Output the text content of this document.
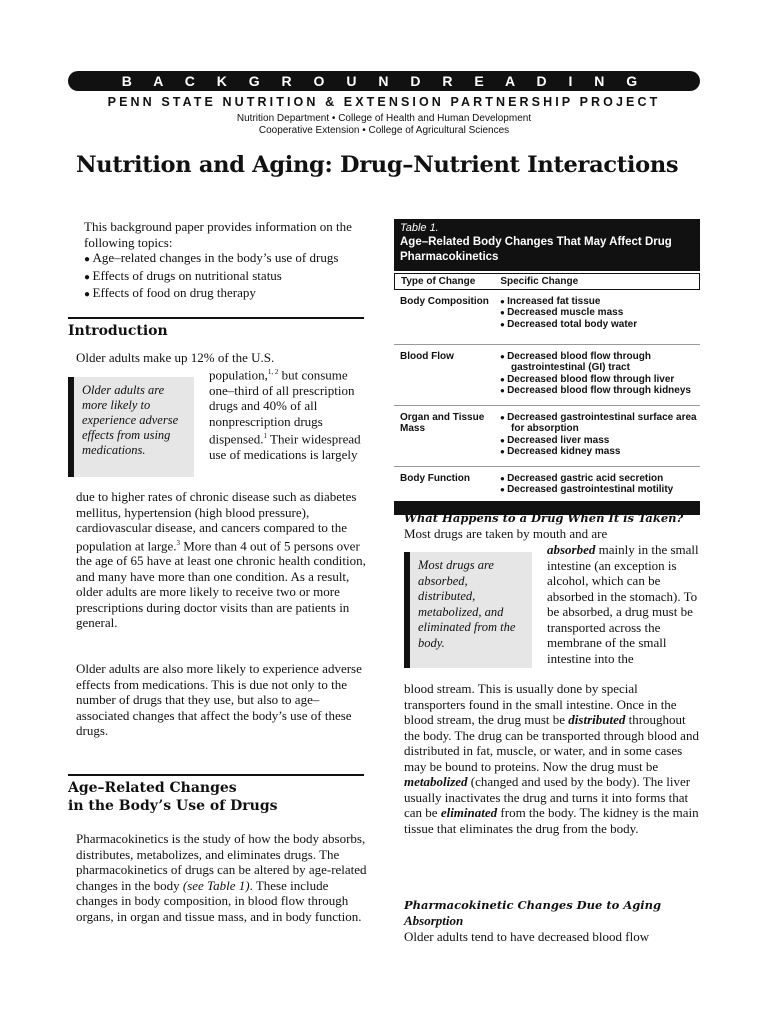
B A C K G R O U N D R E A D I N G
PENN STATE NUTRITION & EXTENSION PARTNERSHIP PROJECT
Nutrition Department • College of Health and Human Development
Cooperative Extension • College of Agricultural Sciences
Nutrition and Aging: Drug–Nutrient Interactions
This background paper provides information on the following topics:
● Age–related changes in the body’s use of drugs
● Effects of drugs on nutritional status
● Effects of food on drug therapy
Introduction
Older adults make up 12% of the U.S.
Older adults are more likely to experience adverse effects from using medications.
population,$^{1, 2}$ but consume one–third of all prescription drugs and 40% of all nonprescription drugs dispensed.$^1$ Their widespread use of medications is largely
due to higher rates of chronic disease such as diabetes mellitus, hypertension (high blood pressure), cardiovascular disease, and cancers compared to the population at large.$^3$ More than 4 out of 5 persons over the age of 65 have at least one chronic health condition, and many have more than one condition. As a result, older adults are more likely to receive two or more prescriptions during doctor visits than are patients in general.
Older adults are also more likely to experience adverse effects from medications. This is due not only to the number of drugs that they use, but also to age–associated changes that affect the body’s use of these drugs.
Age–Related Changes
in the Body’s Use of Drugs
Pharmacokinetics is the study of how the body absorbs, distributes, metabolizes, and eliminates drugs. The pharmacokinetics of drugs can be altered by age-related changes in the body (see Table 1). These include changes in body composition, in blood flow through organs, in organ and tissue mass, and in body function.
Table 1.
Age–Related Body Changes That May Affect Drug Pharmacokinetics
Type of Change	Specific Change
Body Composition	● Increased fat tissue
● Decreased muscle mass
● Decreased total body water
Blood Flow	● Decreased blood flow through gastrointestinal (GI) tract
● Decreased blood flow through liver
● Decreased blood flow through kidneys
Organ and Tissue Mass
● Decreased gastrointestinal surface area for absorption
● Decreased liver mass
● Decreased kidney mass
Body Function	● Decreased gastric acid secretion
● Decreased gastrointestinal motility
What Happens to a Drug When It is Taken?
Most drugs are taken by mouth and are
Most drugs are absorbed, distributed, metabolized, and eliminated from the body.
absorbed mainly in the small intestine (an exception is alcohol, which can be absorbed in the stomach). To be absorbed, a drug must be transported across the membrane of the small intestine into the
blood stream. This is usually done by special transporters found in the small intestine. Once in the blood stream, the drug must be distributed throughout the body. The drug can be transported through blood and distributed in fat, muscle, or water, and in some cases may be bound to proteins. Now the drug must be metabolized (changed and used by the body). The liver usually inactivates the drug and turns it into forms that can be eliminated from the body. The kidney is the main tissue that eliminates the drug from the body.
Pharmacokinetic Changes Due to Aging
Absorption
Older adults tend to have decreased blood flow
